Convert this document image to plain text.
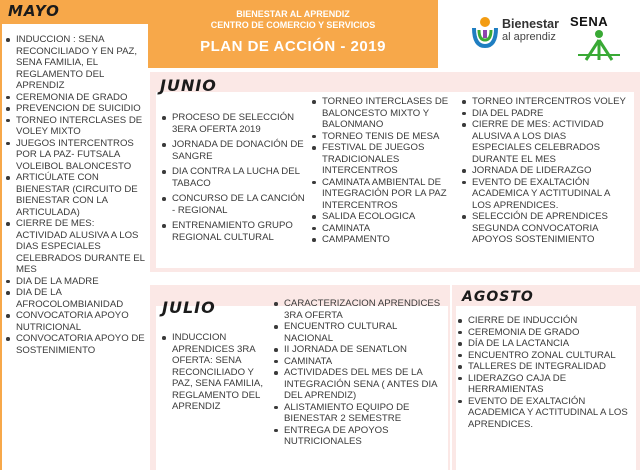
BIENESTAR AL APRENDIZ
CENTRO DE COMERCIO Y SERVICIOS
PLAN DE ACCIÓN - 2019
Bienestar
al aprendiz
SENA
MAYO
JUNIO
JULIO
AGOSTO
INDUCCION : SENA RECONCILIADO Y EN PAZ, SENA FAMILIA, EL REGLAMENTO DEL APRENDIZ
CEREMONIA DE GRADO
PREVENCION DE SUICIDIO
TORNEO INTERCLASES DE VOLEY MIXTO
JUEGOS INTERCENTROS POR LA PAZ- FUTSALA VOLEIBOL BALONCESTO
ARTICÚLATE CON BIENESTAR (CIRCUITO DE BIENESTAR CON LA ARTICULADA)
CIERRE DE MES: ACTIVIDAD ALUSIVA A LOS DIAS ESPECIALES CELEBRADOS DURANTE EL MES
DIA DE LA MADRE
DIA DE LA AFROCOLOMBIANIDAD
CONVOCATORIA APOYO NUTRICIONAL
CONVOCATORIA APOYO DE SOSTENIMIENTO
PROCESO DE SELECCIÓN 3ERA OFERTA 2019
JORNADA DE DONACIÓN DE SANGRE
DIA CONTRA LA LUCHA DEL TABACO
CONCURSO DE LA CANCIÓN - REGIONAL
ENTRENAMIENTO GRUPO REGIONAL CULTURAL
TORNEO INTERCLASES DE BALONCESTO MIXTO Y BALONMANO
TORNEO TENIS DE MESA
FESTIVAL DE JUEGOS TRADICIONALES INTERCENTROS
CAMINATA AMBIENTAL DE INTEGRACIÓN POR LA PAZ INTERCENTROS
SALIDA ECOLOGICA
CAMINATA
CAMPAMENTO
TORNEO INTERCENTROS VOLEY
DIA DEL PADRE
CIERRE DE MES: ACTIVIDAD ALUSIVA A LOS DIAS ESPECIALES CELEBRADOS DURANTE EL MES
JORNADA DE LIDERAZGO
EVENTO DE EXALTACIÓN ACADEMICA Y ACTITUDINAL A LOS APRENDICES.
SELECCIÓN DE APRENDICES SEGUNDA CONVOCATORIA APOYOS SOSTENIMIENTO
INDUCCION APRENDICES 3RA OFERTA: SENA RECONCILIADO Y PAZ, SENA FAMILIA, REGLAMENTO DEL APRENDIZ
CARACTERIZACION APRENDICES 3RA OFERTA
ENCUENTRO CULTURAL NACIONAL
II JORNADA DE SENATLON
CAMINATA
ACTIVIDADES DEL MES DE LA INTEGRACIÓN SENA ( ANTES DIA DEL APRENDIZ)
ALISTAMIENTO EQUIPO DE BIENESTAR 2 SEMESTRE
ENTREGA DE APOYOS NUTRICIONALES
CIERRE DE INDUCCIÓN
CEREMONIA DE GRADO
DÍA DE LA LACTANCIA
ENCUENTRO ZONAL CULTURAL
TALLERES DE INTEGRALIDAD
LIDERAZGO CAJA DE HERRAMIENTAS
EVENTO DE EXALTACIÓN ACADEMICA Y ACTITUDINAL A LOS APRENDICES.
